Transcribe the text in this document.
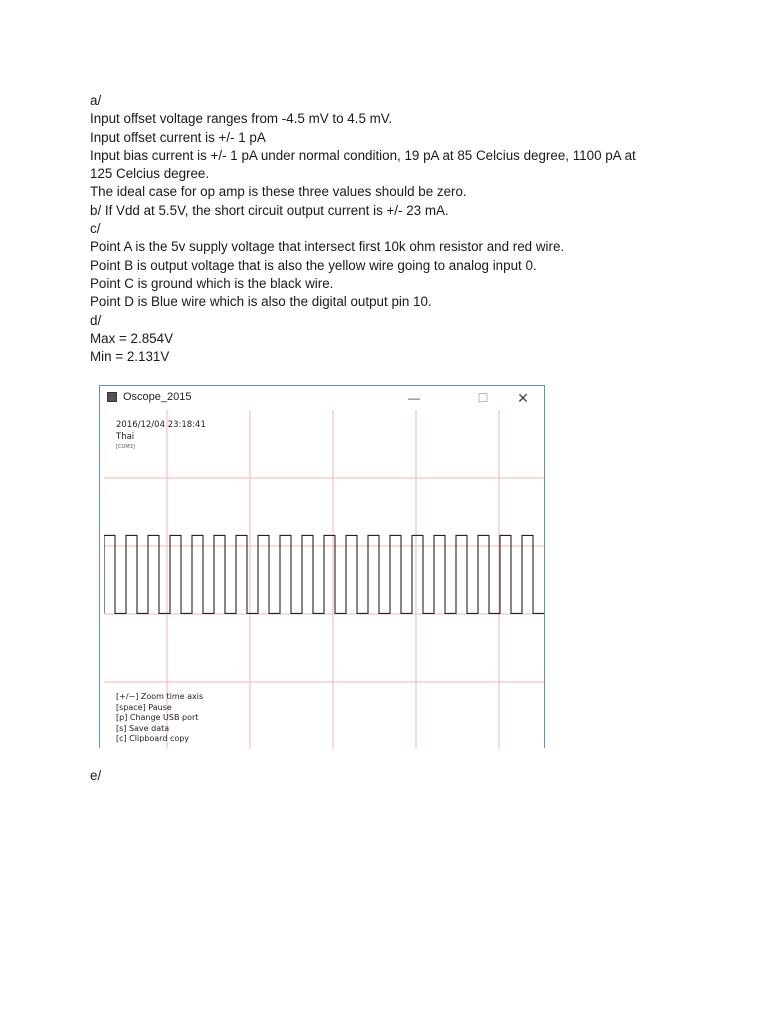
a/

Input offset voltage ranges from -4.5 mV to 4.5 mV.

Input offset current is +/- 1 pA

Input bias current is +/- 1 pA under normal condition, 19 pA at 85 Celcius degree, 1100 pA at

125 Celcius degree.

The ideal case for op amp is these three values should be zero.

b/ If Vdd at 5.5V, the short circuit output current is +/- 23 mA.

c/

Point A is the 5v supply voltage that intersect first 10k ohm resistor and red wire.

Point B is output voltage that is also the yellow wire going to analog input 0.

Point C is ground which is the black wire.

Point D is Blue wire which is also the digital output pin 10.

d/

Max = 2.854V

Min = 2.131V

Oscope_2015	—	☐	✕
2016/12/04 23:18:41
Thai
[COM3]
[+/−] Zoom time axis
[space] Pause
[p] Change USB port
[s] Save data
[c] Clipboard copy
e/
